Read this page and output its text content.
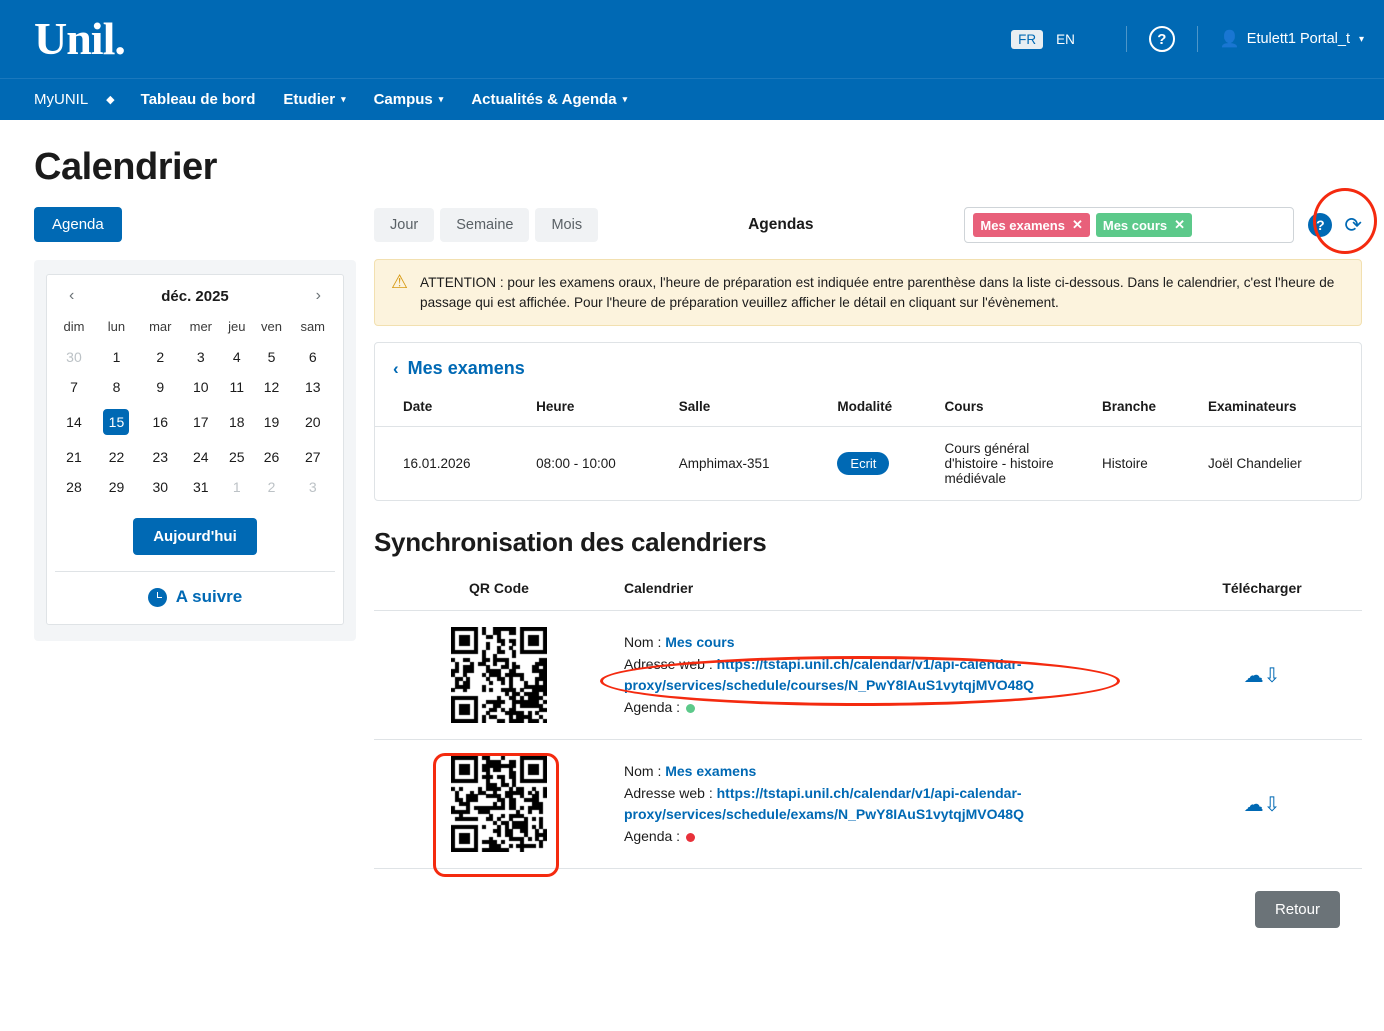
Unil.	FR	EN	?	👤 Etulett1 Portal_t ▾
MyUNIL ◆ Tableau de bord Etudier ▾ Campus ▾ Actualités & Agenda ▾
Calendrier
Agenda
‹	déc. 2025	›
dim	lun	mar	mer	jeu	ven	sam
30	1	2	3	4	5	6
7	8	9	10	11	12	13
14	15	16	17	18	19	20
21	22	23	24	25	26	27
28	29	30	31	1	2	3
Aujourd'hui
A suivre
Jour	Semaine	Mois	Agendas	Mes examens ✕ Mes cours ✕	? ⟳
⚠ ATTENTION : pour les examens oraux, l'heure de préparation est indiquée entre parenthèse dans la liste ci-dessous. Dans le calendrier, c'est l'heure de passage qui est affichée. Pour l'heure de préparation veuillez afficher le détail en cliquant sur l'évènement.
‹ Mes examens
Date	Heure	Salle	Modalité	Cours	Branche	Examinateurs
16.01.2026	08:00 - 10:00	Amphimax-351	Ecrit	Cours général d'histoire - histoire médiévale	Histoire	Joël Chandelier
Synchronisation des calendriers
QR Code	Calendrier	Télécharger

Nom : Mes cours
Adresse web : https://tstapi.unil.ch/calendar/v1/api-calendar-proxy/services/schedule/courses/N_PwY8IAuS1vytqjMVO48Q
Agenda :	☁⇩

Nom : Mes examens
Adresse web : https://tstapi.unil.ch/calendar/v1/api-calendar-proxy/services/schedule/exams/N_PwY8IAuS1vytqjMVO48Q
Agenda :	☁⇩
Retour
